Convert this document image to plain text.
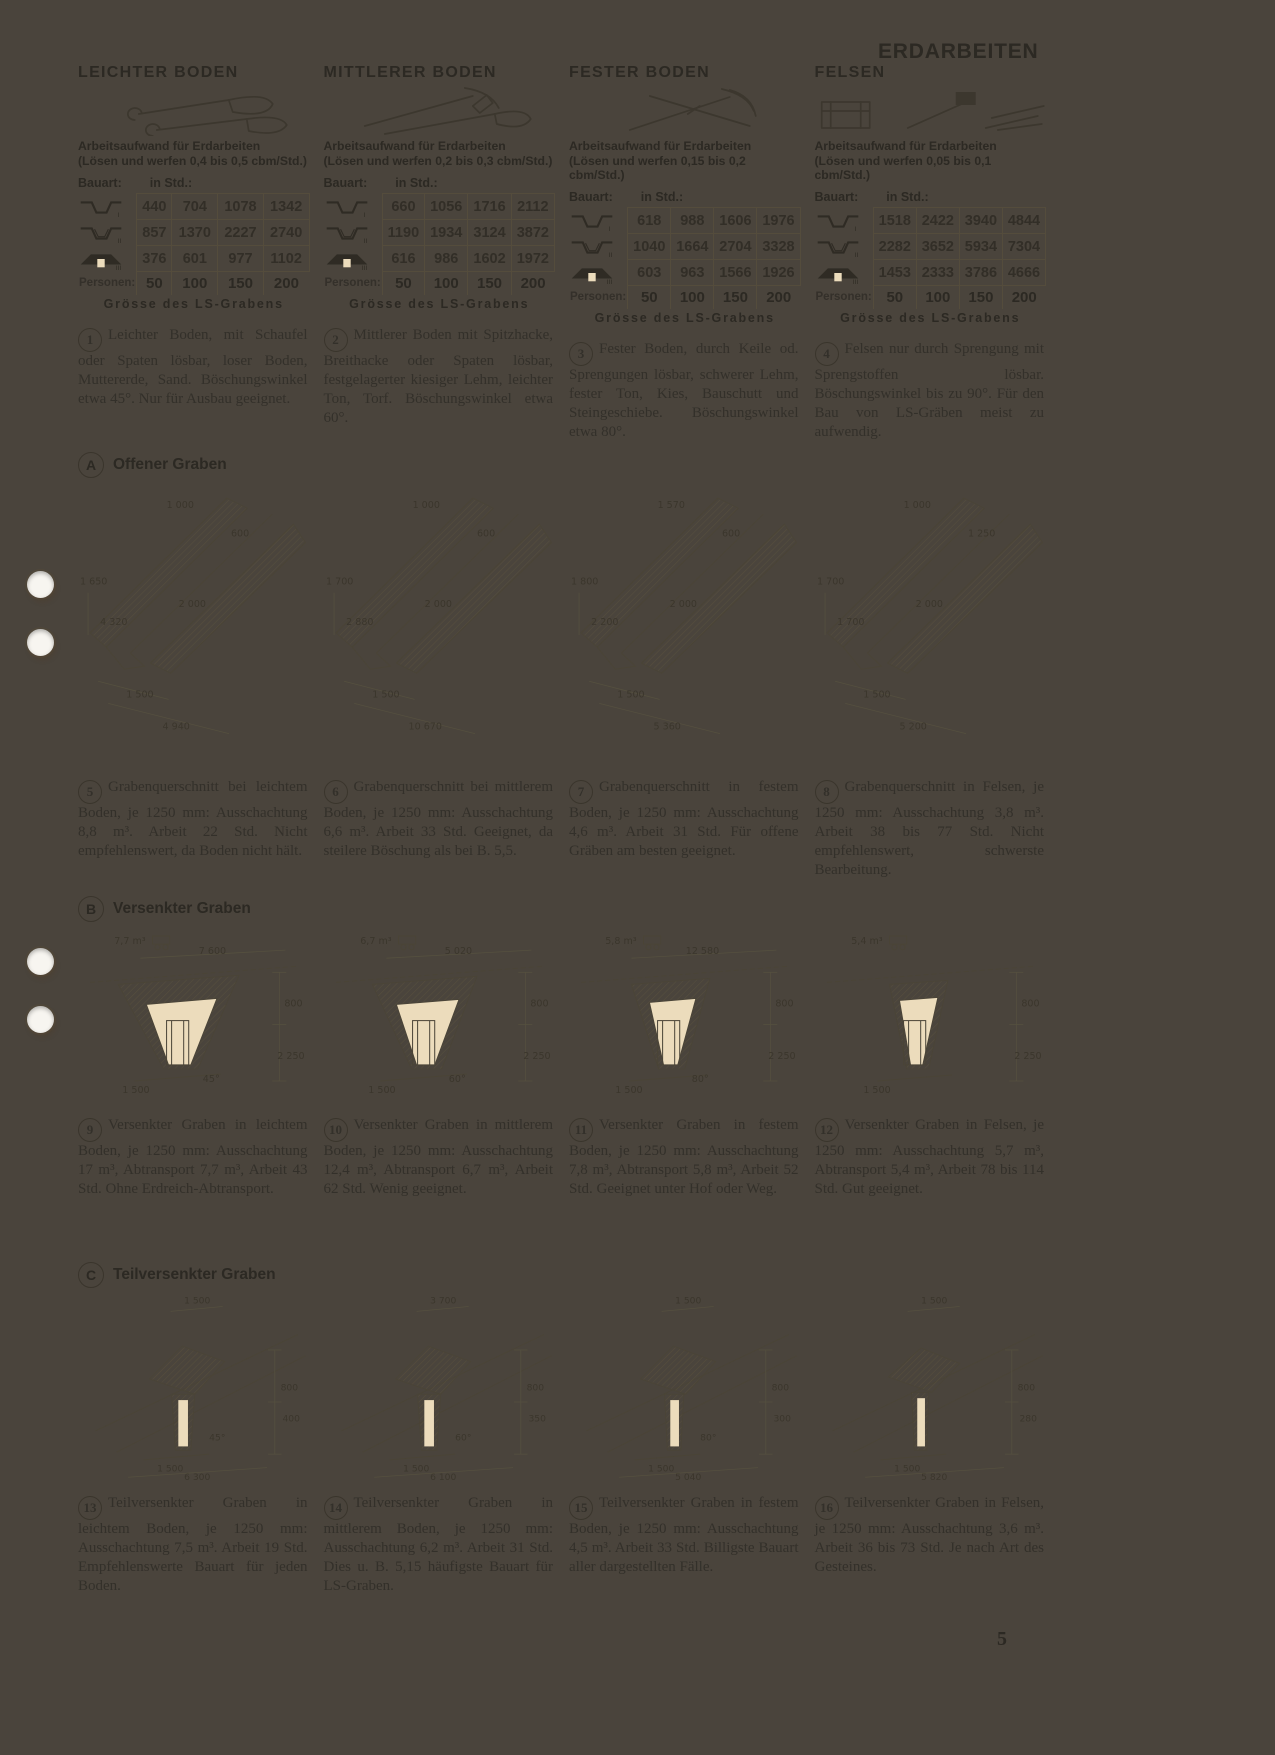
ERDARBEITEN
LEICHTER BODEN

Arbeitsaufwand für Erdarbeiten

(Lösen und werfen 0,4 bis 0,5 cbm/Std.)

Bauart: in Std.:
I	440	704	1078	1342

II	857	1370	2227	2740

III	376	601	977	1102
Personen:	50	100	150	200
Grösse des LS-Grabens

1 Leichter Boden, mit Schaufel oder Spaten lösbar, loser Boden, Muttererde, Sand. Böschungswinkel etwa 45°. Nur für Ausbau geeignet.

MITTLERER BODEN

Arbeitsaufwand für Erdarbeiten

(Lösen und werfen 0,2 bis 0,3 cbm/Std.)

Bauart: in Std.:
I	660	1056	1716	2112

II	1190	1934	3124	3872

III	616	986	1602	1972
Personen:	50	100	150	200
Grösse des LS-Grabens

2 Mittlerer Boden mit Spitzhacke, Breithacke oder Spaten lösbar, festgelagerter kiesiger Lehm, leichter Ton, Torf. Böschungswinkel etwa 60°.

FESTER BODEN

Arbeitsaufwand für Erdarbeiten

(Lösen und werfen 0,15 bis 0,2 cbm/Std.)

Bauart: in Std.:
I	618	988	1606	1976

II	1040	1664	2704	3328

III	603	963	1566	1926
Personen:	50	100	150	200
Grösse des LS-Grabens

3 Fester Boden, durch Keile od. Sprengungen lösbar, schwerer Lehm, fester Ton, Kies, Bauschutt und Steingeschiebe. Böschungswinkel etwa 80°.

FELSEN

Arbeitsaufwand für Erdarbeiten

(Lösen und werfen 0,05 bis 0,1 cbm/Std.)

Bauart: in Std.:
I	1518	2422	3940	4844

II	2282	3652	5934	7304

III	1453	2333	3786	4666
Personen:	50	100	150	200
Grösse des LS-Grabens

4 Felsen nur durch Sprengung mit Sprengstoffen lösbar. Böschungswinkel bis zu 90°. Für den Bau von LS-Gräben meist zu aufwendig.

A	Offener Graben
1 000
1 650
600
2 000
4 320
1 500
4 940
1 000
1 700
600
2 000
2 880
1 500
10 670
1 570
1 800
600
2 000
2 200
1 500
5 360
1 000
1 700
1 250
2 000
1 700
1 500
5 200

5 Grabenquerschnitt bei leichtem Boden, je 1250 mm: Ausschachtung 8,8 m³. Arbeit 22 Std. Nicht empfehlenswert, da Boden nicht hält.

6 Grabenquerschnitt bei mittlerem Boden, je 1250 mm: Ausschachtung 6,6 m³. Arbeit 33 Std. Geeignet, da steilere Böschung als bei B. 5,5.

7 Grabenquerschnitt in festem Boden, je 1250 mm: Ausschachtung 4,6 m³. Arbeit 31 Std. Für offene Gräben am besten geeignet.

8 Grabenquerschnitt in Felsen, je 1250 mm: Ausschachtung 3,8 m³. Arbeit 38 bis 77 Std. Nicht empfehlenswert, schwerste Bearbeitung.

B	Versenkter Graben
7,7 m³
7 600
1 500
45°
800
2 250
6,7 m³
5 020
1 500
60°
800
2 250
5,8 m³
12 580
1 500
80°
800
2 250
5,4 m³
1 500
800
2 250

9 Versenkter Graben in leichtem Boden, je 1250 mm: Ausschachtung 17 m³, Abtransport 7,7 m³, Arbeit 43 Std. Ohne Erdreich-Abtransport.

10 Versenkter Graben in mittlerem Boden, je 1250 mm: Ausschachtung 12,4 m³, Abtransport 6,7 m³, Arbeit 62 Std. Wenig geeignet.

11 Versenkter Graben in festem Boden, je 1250 mm: Ausschachtung 7,8 m³, Abtransport 5,8 m³, Arbeit 52 Std. Geeignet unter Hof oder Weg.

12 Versenkter Graben in Felsen, je 1250 mm: Ausschachtung 5,7 m³, Abtransport 5,4 m³, Arbeit 78 bis 114 Std. Gut geeignet.

C	Teilversenkter Graben
1 500
800
400
45°
1 500
6 300
3 700
800
350
60°
1 500
6 100
1 500
800
300
80°
1 500
5 040
1 500
800
280
1 500
5 820

13 Teilversenkter Graben in leichtem Boden, je 1250 mm: Ausschachtung 7,5 m³. Arbeit 19 Std. Empfehlenswerte Bauart für jeden Boden.

14 Teilversenkter Graben in mittlerem Boden, je 1250 mm: Ausschachtung 6,2 m³. Arbeit 31 Std. Dies u. B. 5,15 häufigste Bauart für LS-Graben.

15 Teilversenkter Graben in festem Boden, je 1250 mm: Ausschachtung 4,5 m³. Arbeit 33 Std. Billigste Bauart aller dargestellten Fälle.

16 Teilversenkter Graben in Felsen, je 1250 mm: Ausschachtung 3,6 m³. Arbeit 36 bis 73 Std. Je nach Art des Gesteines.

5
